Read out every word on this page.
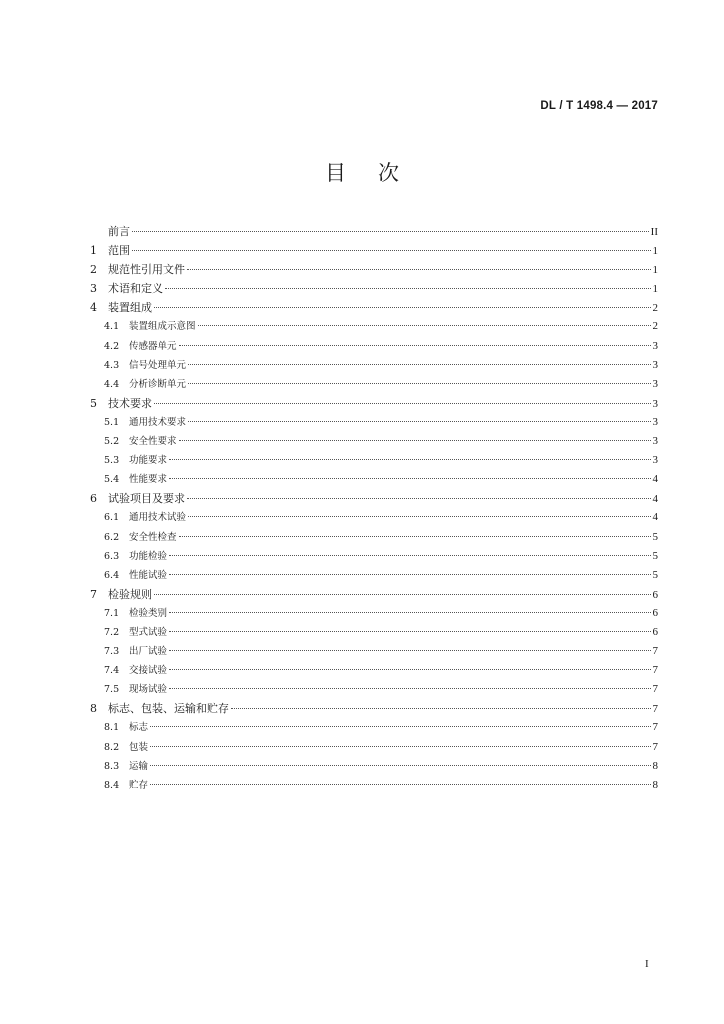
DL / T 1498.4 — 2017
目次
前言	II
1	范围	1
2	规范性引用文件	1
3	术语和定义	1
4	装置组成	2
4.1	装置组成示意图	2
4.2	传感器单元	3
4.3	信号处理单元	3
4.4	分析诊断单元	3
5	技术要求	3
5.1	通用技术要求	3
5.2	安全性要求	3
5.3	功能要求	3
5.4	性能要求	4
6	试验项目及要求	4
6.1	通用技术试验	4
6.2	安全性检查	5
6.3	功能检验	5
6.4	性能试验	5
7	检验规则	6
7.1	检验类别	6
7.2	型式试验	6
7.3	出厂试验	7
7.4	交接试验	7
7.5	现场试验	7
8	标志、包装、运输和贮存	7
8.1	标志	7
8.2	包装	7
8.3	运输	8
8.4	贮存	8
I
